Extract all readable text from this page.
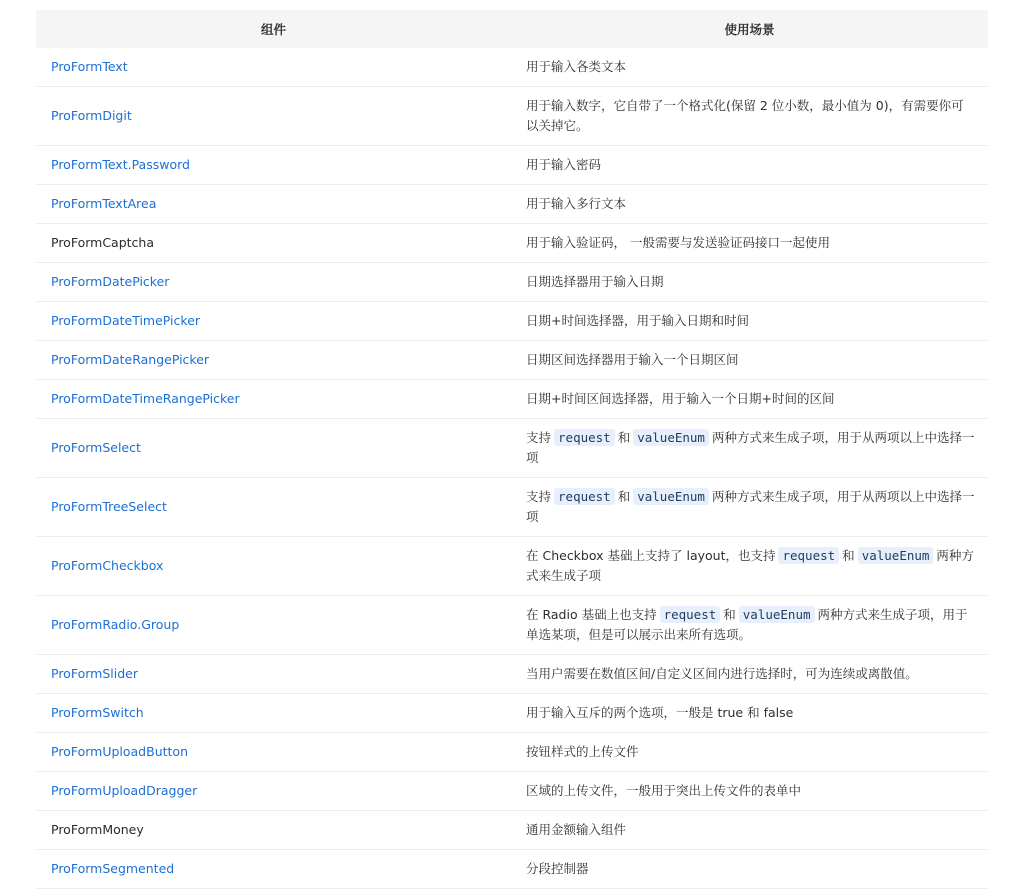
组件	使用场景
ProFormText	用于输入各类文本
ProFormDigit	用于输入数字，它自带了一个格式化(保留 2 位小数，最小值为 0)，有需要你可以关掉它。
ProFormText.Password	用于输入密码
ProFormTextArea	用于输入多行文本
ProFormCaptcha	用于输入验证码， 一般需要与发送验证码接口一起使用
ProFormDatePicker	日期选择器用于输入日期
ProFormDateTimePicker	日期+时间选择器，用于输入日期和时间
ProFormDateRangePicker	日期区间选择器用于输入一个日期区间
ProFormDateTimeRangePicker	日期+时间区间选择器，用于输入一个日期+时间的区间
ProFormSelect	支持 request 和 valueEnum 两种方式来生成子项，用于从两项以上中选择一项
ProFormTreeSelect	支持 request 和 valueEnum 两种方式来生成子项，用于从两项以上中选择一项
ProFormCheckbox	在 Checkbox 基础上支持了 layout，也支持 request 和 valueEnum 两种方式来生成子项
ProFormRadio.Group	在 Radio 基础上也支持 request 和 valueEnum 两种方式来生成子项，用于单选某项，但是可以展示出来所有选项。
ProFormSlider	当用户需要在数值区间/自定义区间内进行选择时，可为连续或离散值。
ProFormSwitch	用于输入互斥的两个选项，一般是 true 和 false
ProFormUploadButton	按钮样式的上传文件
ProFormUploadDragger	区域的上传文件，一般用于突出上传文件的表单中
ProFormMoney	通用金额输入组件
ProFormSegmented	分段控制器
